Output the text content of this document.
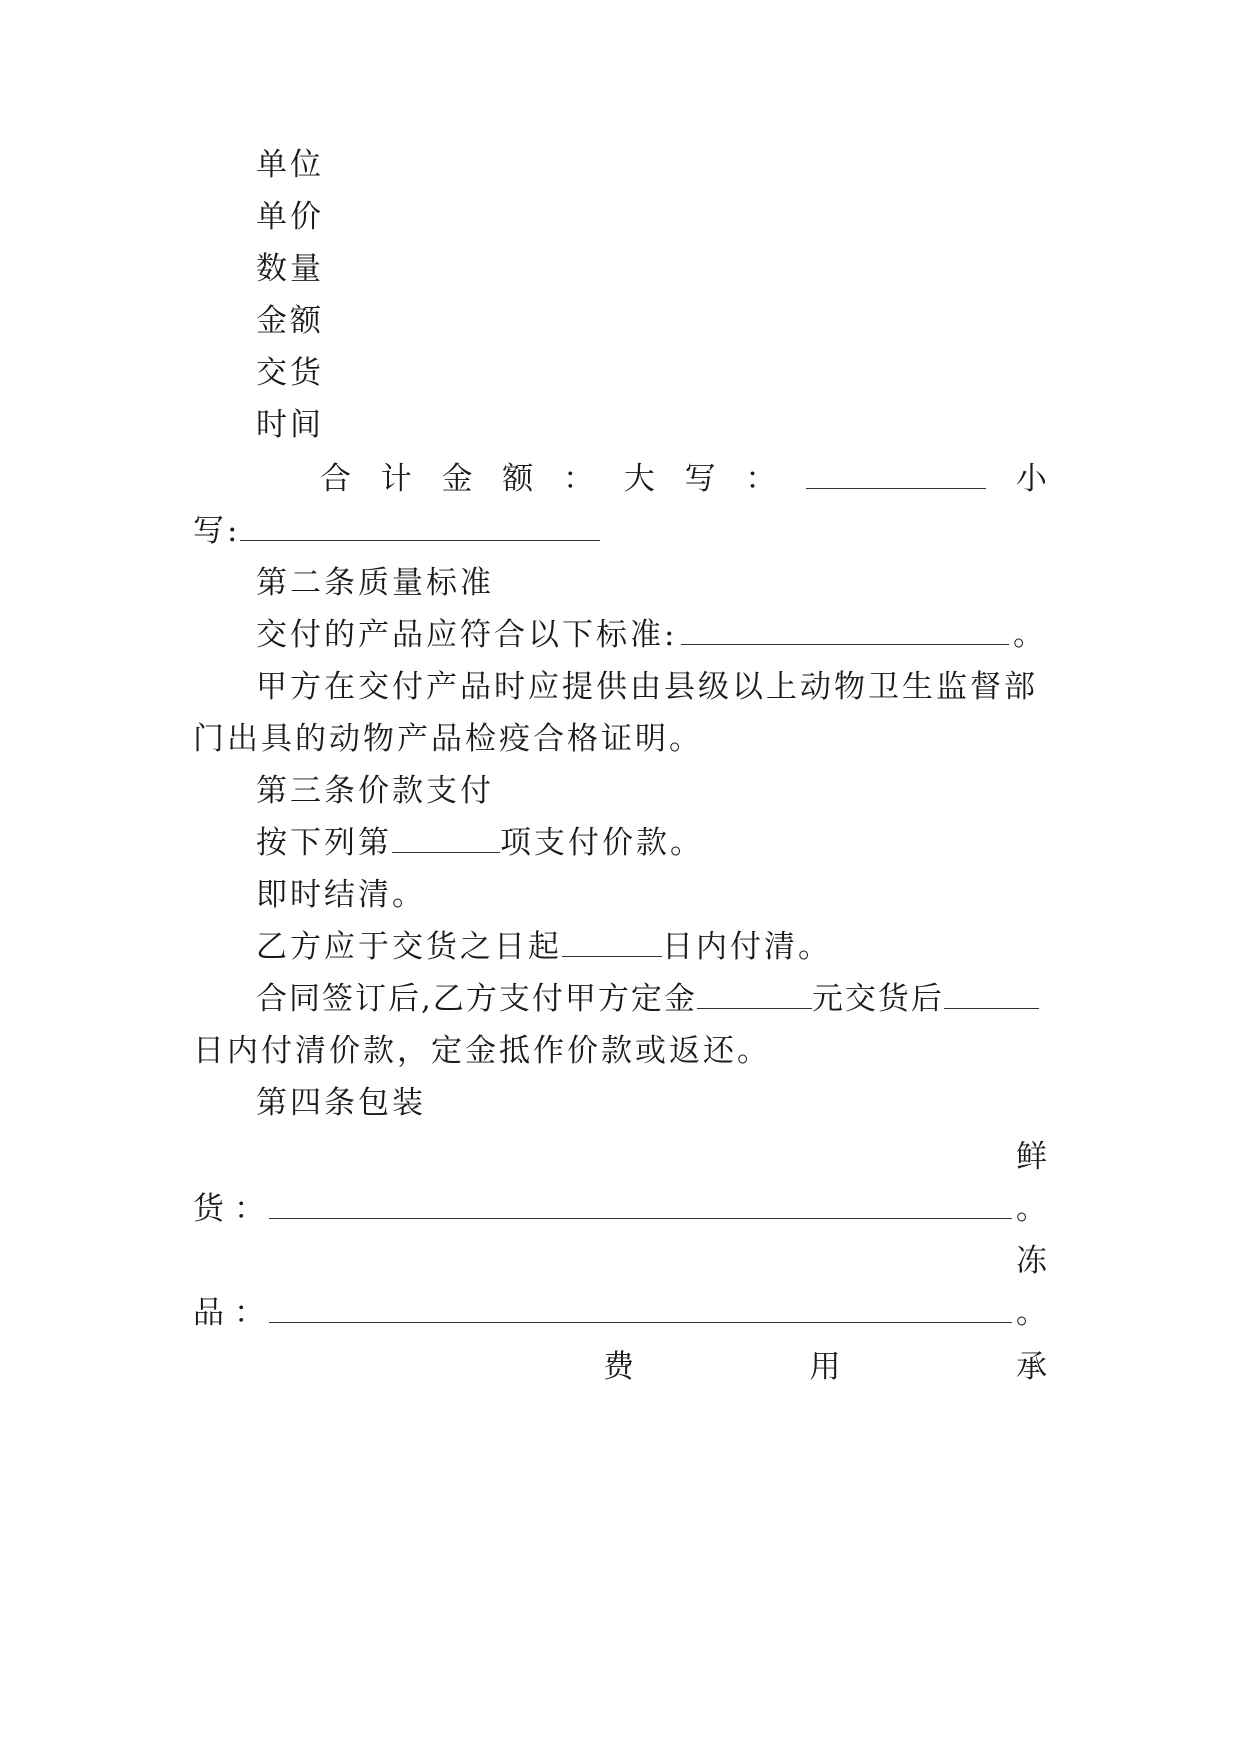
单位
单价
数量
金额
交货
时间
合 计 金 额 ： 大 写 ：	小
写:
第二条质量标准
交付的产品应符合以下标准:	。
甲方在交付产品时应提供由县级以上动物卫生监督部
门出具的动物产品检疫合格证明。
第三条价款支付
按下列第	项支付价款。
即时结清。
乙方应于交货之日起	日内付清。
合同签订后,乙方支付甲方定金	元交货后
日内付清价款，定金抵作价款或返还。
第四条包装
鲜
货 ：	。
冻
品 ：	。
费	用	承
